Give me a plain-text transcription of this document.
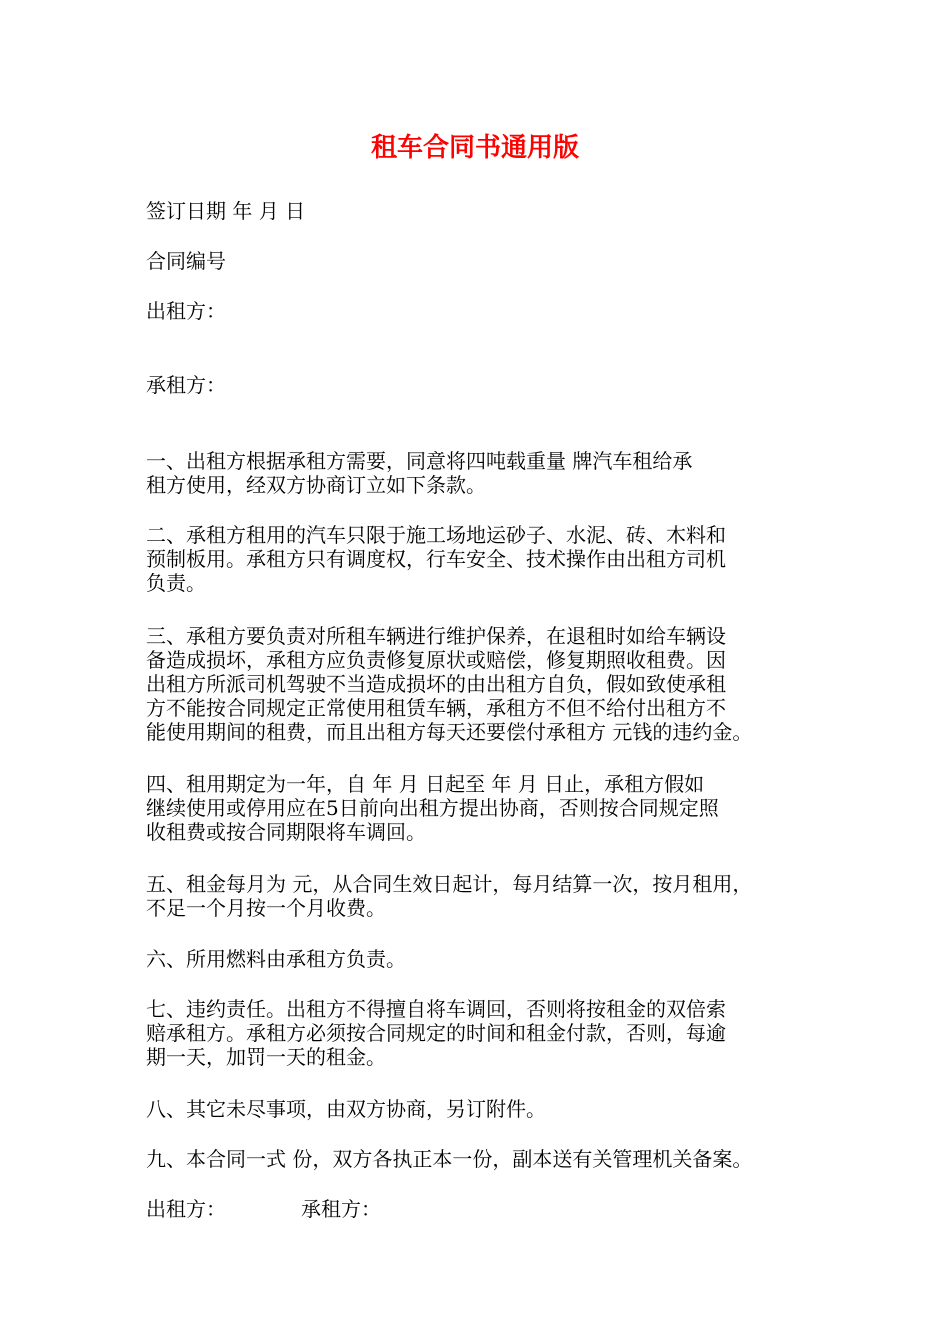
租车合同书通用版

签订日期 年 月 日

合同编号

出租方：

承租方：

一、出租方根据承租方需要，同意将四吨载重量 牌汽车租给承
租方使用，经双方协商订立如下条款。
二、承租方租用的汽车只限于施工场地运砂子、水泥、砖、木料和
预制板用。承租方只有调度权，行车安全、技术操作由出租方司机
负责。
三、承租方要负责对所租车辆进行维护保养，在退租时如给车辆设
备造成损坏，承租方应负责修复原状或赔偿，修复期照收租费。因
出租方所派司机驾驶不当造成损坏的由出租方自负，假如致使承租
方不能按合同规定正常使用租赁车辆，承租方不但不给付出租方不
能使用期间的租费，而且出租方每天还要偿付承租方 元钱的违约金。
四、租用期定为一年，自 年 月 日起至 年 月 日止，承租方假如
继续使用或停用应在5日前向出租方提出协商，否则按合同规定照
收租费或按合同期限将车调回。
五、租金每月为 元，从合同生效日起计，每月结算一次，按月租用，
不足一个月按一个月收费。
六、所用燃料由承租方负责。
七、违约责任。出租方不得擅自将车调回，否则将按租金的双倍索
赔承租方。承租方必须按合同规定的时间和租金付款，否则，每逾
期一天，加罚一天的租金。
八、其它未尽事项，由双方协商，另订附件。
九、本合同一式 份，双方各执正本一份，副本送有关管理机关备案。
出租方：	承租方：
